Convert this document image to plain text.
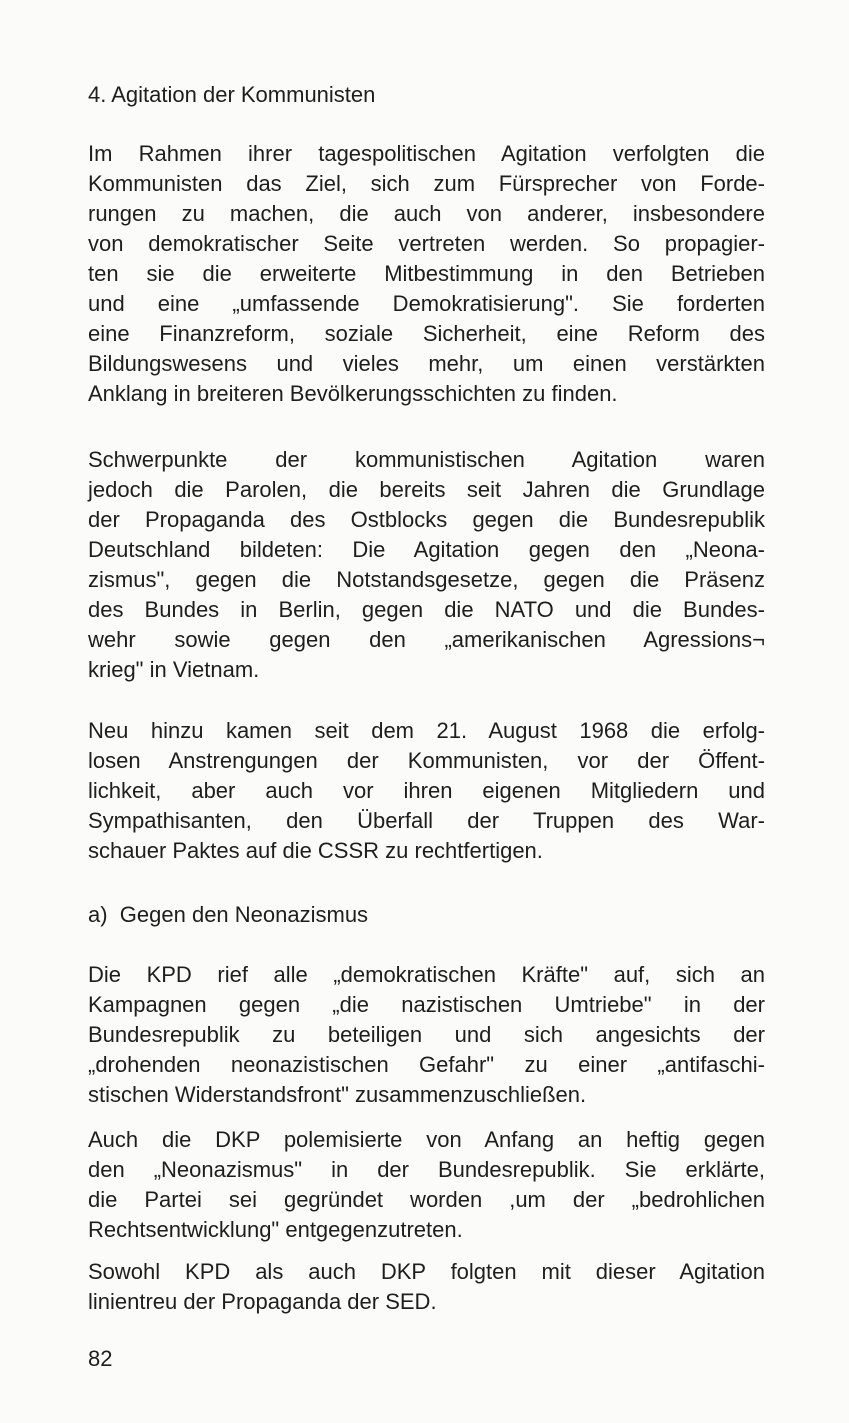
4. Agitation der Kommunisten
Im Rahmen ihrer tagespolitischen Agitation verfolgten die
Kommunisten das Ziel, sich zum Fürsprecher von Forde-
rungen zu machen, die auch von anderer, insbesondere
von demokratischer Seite vertreten werden. So propagier-
ten sie die erweiterte Mitbestimmung in den Betrieben
und eine „umfassende Demokratisierung". Sie forderten
eine Finanzreform, soziale Sicherheit, eine Reform des
Bildungswesens und vieles mehr, um einen verstärkten
Anklang in breiteren Bevölkerungsschichten zu finden.
Schwerpunkte der kommunistischen Agitation waren
jedoch die Parolen, die bereits seit Jahren die Grundlage
der Propaganda des Ostblocks gegen die Bundesrepublik
Deutschland bildeten: Die Agitation gegen den „Neona-
zismus", gegen die Notstandsgesetze, gegen die Präsenz
des Bundes in Berlin, gegen die NATO und die Bundes-
wehr sowie gegen den „amerikanischen Agressions¬
krieg" in Vietnam.
Neu hinzu kamen seit dem 21. August 1968 die erfolg-
losen Anstrengungen der Kommunisten, vor der Öffent-
lichkeit, aber auch vor ihren eigenen Mitgliedern und
Sympathisanten, den Überfall der Truppen des War-
schauer Paktes auf die CSSR zu rechtfertigen.
a)  Gegen den Neonazismus
Die KPD rief alle „demokratischen Kräfte" auf, sich an
Kampagnen gegen „die nazistischen Umtriebe" in der
Bundesrepublik zu beteiligen und sich angesichts der
„drohenden neonazistischen Gefahr" zu einer „antifaschi-
stischen Widerstandsfront" zusammenzuschließen.
Auch die DKP polemisierte von Anfang an heftig gegen
den „Neonazismus" in der Bundesrepublik. Sie erklärte,
die Partei sei gegründet worden ,um der „bedrohlichen
Rechtsentwicklung" entgegenzutreten.
Sowohl KPD als auch DKP folgten mit dieser Agitation
linientreu der Propaganda der SED.
82
